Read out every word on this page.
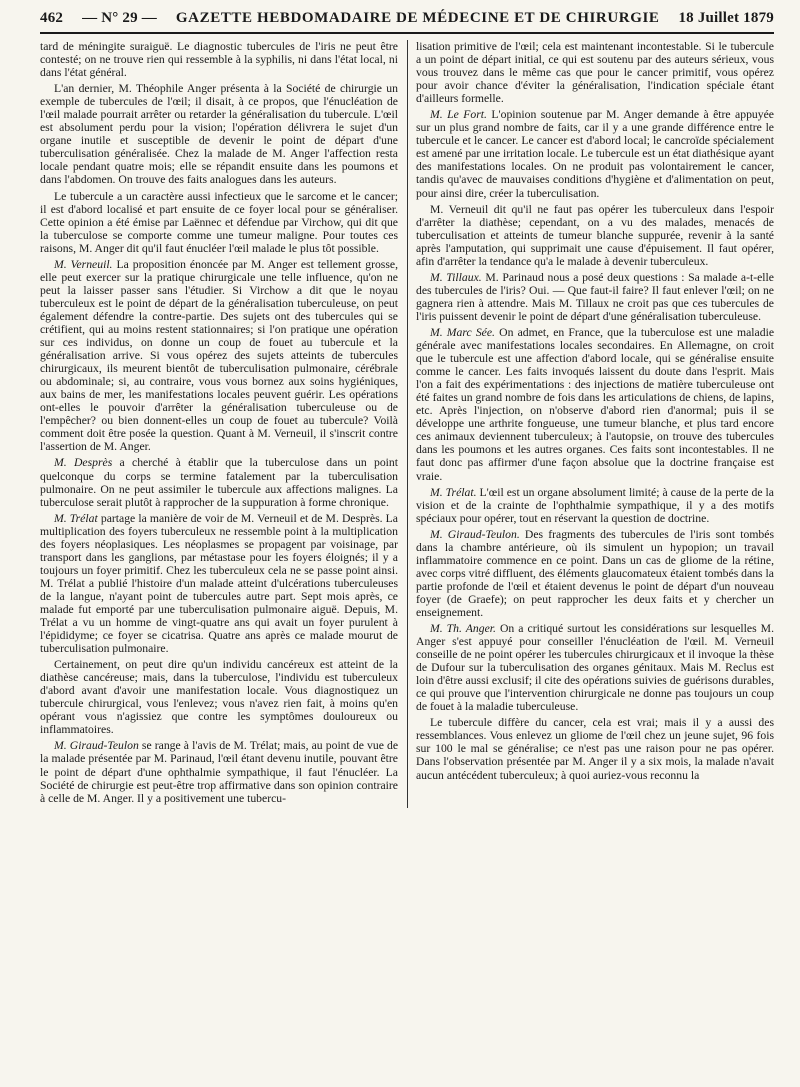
462 — N° 29 — GAZETTE HEBDOMADAIRE DE MÉDECINE ET DE CHIRURGIE 18 Juillet 1879

tard de méningite suraiguë. Le diagnostic tubercules de l'iris ne peut être contesté; on ne trouve rien qui ressemble à la syphilis, ni dans l'état local, ni dans l'état général.

L'an dernier, M. Théophile Anger présenta à la Société de chirurgie un exemple de tubercules de l'œil; il disait, à ce propos, que l'énucléation de l'œil malade pourrait arrêter ou retarder la généralisation du tubercule. L'œil est absolument perdu pour la vision; l'opération délivrera le sujet d'un organe inutile et susceptible de devenir le point de départ d'une tuberculisation généralisée. Chez la malade de M. Anger l'affection resta locale pendant quatre mois; elle se répandit ensuite dans les poumons et dans l'abdomen. On trouve des faits analogues dans les auteurs.

Le tubercule a un caractère aussi infectieux que le sarcome et le cancer; il est d'abord localisé et part ensuite de ce foyer local pour se généraliser. Cette opinion a été émise par Laënnec et défendue par Virchow, qui dit que la tuberculose se comporte comme une tumeur maligne. Pour toutes ces raisons, M. Anger dit qu'il faut énucléer l'œil malade le plus tôt possible.

M. Verneuil. La proposition énoncée par M. Anger est tellement grosse, elle peut exercer sur la pratique chirurgicale une telle influence, qu'on ne peut la laisser passer sans l'étudier. Si Virchow a dit que le noyau tuberculeux est le point de départ de la généralisation tuberculeuse, on peut également défendre la contre-partie. Des sujets ont des tubercules qui se crétifient, qui au moins restent stationnaires; si l'on pratique une opération sur ces individus, on donne un coup de fouet au tubercule et la généralisation arrive. Si vous opérez des sujets atteints de tubercules chirurgicaux, ils meurent bientôt de tuberculisation pulmonaire, cérébrale ou abdominale; si, au contraire, vous vous bornez aux soins hygiéniques, aux bains de mer, les manifestations locales peuvent guérir. Les opérations ont-elles le pouvoir d'arrêter la généralisation tuberculeuse ou de l'empêcher? ou bien donnent-elles un coup de fouet au tubercule? Voilà comment doit être posée la question. Quant à M. Verneuil, il s'inscrit contre l'assertion de M. Anger.

M. Desprès a cherché à établir que la tuberculose dans un point quelconque du corps se termine fatalement par la tuberculisation pulmonaire. On ne peut assimiler le tubercule aux affections malignes. La tuberculose serait plutôt à rapprocher de la suppuration à forme chronique.

M. Trélat partage la manière de voir de M. Verneuil et de M. Desprès. La multiplication des foyers tuberculeux ne ressemble point à la multiplication des foyers néoplasiques. Les néoplasmes se propagent par voisinage, par transport dans les ganglions, par métastase pour les foyers éloignés; il y a toujours un foyer primitif. Chez les tuberculeux cela ne se passe point ainsi. M. Trélat a publié l'histoire d'un malade atteint d'ulcérations tuberculeuses de la langue, n'ayant point de tubercules autre part. Sept mois après, ce malade fut emporté par une tuberculisation pulmonaire aiguë. Depuis, M. Trélat a vu un homme de vingt-quatre ans qui avait un foyer purulent à l'épididyme; ce foyer se cicatrisa. Quatre ans après ce malade mourut de tuberculisation pulmonaire.

Certainement, on peut dire qu'un individu cancéreux est atteint de la diathèse cancéreuse; mais, dans la tuberculose, l'individu est tuberculeux d'abord avant d'avoir une manifestation locale. Vous diagnostiquez un tubercule chirurgical, vous l'enlevez; vous n'avez rien fait, à moins qu'en opérant vous n'agissiez que contre les symptômes douloureux ou inflammatoires.

M. Giraud-Teulon se range à l'avis de M. Trélat; mais, au point de vue de la malade présentée par M. Parinaud, l'œil étant devenu inutile, pouvant être le point de départ d'une ophthalmie sympathique, il faut l'énucléer. La Société de chirurgie est peut-être trop affirmative dans son opinion contraire à celle de M. Anger. Il y a positivement une tubercu-

lisation primitive de l'œil; cela est maintenant incontestable. Si le tubercule a un point de départ initial, ce qui est soutenu par des auteurs sérieux, vous vous trouvez dans le même cas que pour le cancer primitif, vous opérez pour avoir chance d'éviter la généralisation, l'indication spéciale étant d'ailleurs formelle.

M. Le Fort. L'opinion soutenue par M. Anger demande à être appuyée sur un plus grand nombre de faits, car il y a une grande différence entre le tubercule et le cancer. Le cancer est d'abord local; le cancroïde spécialement est amené par une irritation locale. Le tubercule est un état diathésique ayant des manifestations locales. On ne produit pas volontairement le cancer, tandis qu'avec de mauvaises conditions d'hygiène et d'alimentation on peut, pour ainsi dire, créer la tuberculisation.

M. Verneuil dit qu'il ne faut pas opérer les tuberculeux dans l'espoir d'arrêter la diathèse; cependant, on a vu des malades, menacés de tuberculisation et atteints de tumeur blanche suppurée, revenir à la santé après l'amputation, qui supprimait une cause d'épuisement. Il faut opérer, afin d'arrêter la tendance qu'a le malade à devenir tuberculeux.

M. Tillaux. M. Parinaud nous a posé deux questions : Sa malade a-t-elle des tubercules de l'iris? Oui. — Que faut-il faire? Il faut enlever l'œil; on ne gagnera rien à attendre. Mais M. Tillaux ne croit pas que ces tubercules de l'iris puissent devenir le point de départ d'une généralisation tuberculeuse.

M. Marc Sée. On admet, en France, que la tuberculose est une maladie générale avec manifestations locales secondaires. En Allemagne, on croit que le tubercule est une affection d'abord locale, qui se généralise ensuite comme le cancer. Les faits invoqués laissent du doute dans l'esprit. Mais l'on a fait des expérimentations : des injections de matière tuberculeuse ont été faites un grand nombre de fois dans les articulations de chiens, de lapins, etc. Après l'injection, on n'observe d'abord rien d'anormal; puis il se développe une arthrite fongueuse, une tumeur blanche, et plus tard encore ces animaux deviennent tuberculeux; à l'autopsie, on trouve des tubercules dans les poumons et les autres organes. Ces faits sont incontestables. Il ne faut donc pas affirmer d'une façon absolue que la doctrine française est vraie.

M. Trélat. L'œil est un organe absolument limité; à cause de la perte de la vision et de la crainte de l'ophthalmie sympathique, il y a des motifs spéciaux pour opérer, tout en réservant la question de doctrine.

M. Giraud-Teulon. Des fragments des tubercules de l'iris sont tombés dans la chambre antérieure, où ils simulent un hypopion; un travail inflammatoire commence en ce point. Dans un cas de gliome de la rétine, avec corps vitré diffluent, des éléments glaucomateux étaient tombés dans la partie profonde de l'œil et étaient devenus le point de départ d'un nouveau foyer (de Graefe); on peut rapprocher les deux faits et y chercher un enseignement.

M. Th. Anger. On a critiqué surtout les considérations sur lesquelles M. Anger s'est appuyé pour conseiller l'énucléation de l'œil. M. Verneuil conseille de ne point opérer les tubercules chirurgicaux et il invoque la thèse de Dufour sur la tuberculisation des organes génitaux. Mais M. Reclus est loin d'être aussi exclusif; il cite des opérations suivies de guérisons durables, ce qui prouve que l'intervention chirurgicale ne donne pas toujours un coup de fouet à la maladie tuberculeuse.

Le tubercule diffère du cancer, cela est vrai; mais il y a aussi des ressemblances. Vous enlevez un gliome de l'œil chez un jeune sujet, 96 fois sur 100 le mal se généralise; ce n'est pas une raison pour ne pas opérer. Dans l'observation présentée par M. Anger il y a six mois, la malade n'avait aucun antécédent tuberculeux; à quoi auriez-vous reconnu la
